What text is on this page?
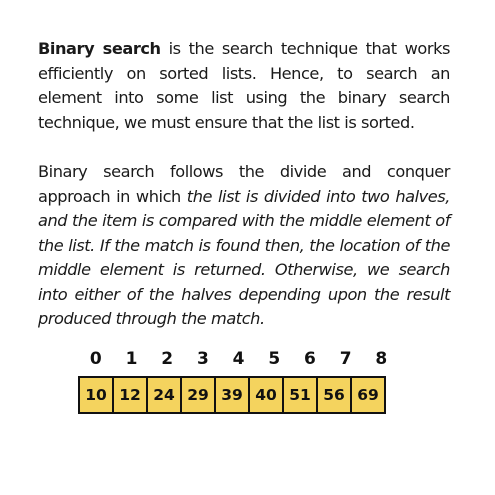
Binary search is the search technique that works efficiently on sorted lists. Hence, to search an element into some list using the binary search technique, we must ensure that the list is sorted.

Binary search follows the divide and conquer approach in which the list is divided into two halves, and the item is compared with the middle element of the list. If the match is found then, the location of the middle element is returned. Otherwise, we search into either of the halves depending upon the result produced through the match.

0	1	2	3	4	5	6	7	8
10 12 24 29 39 40 51 56 69
